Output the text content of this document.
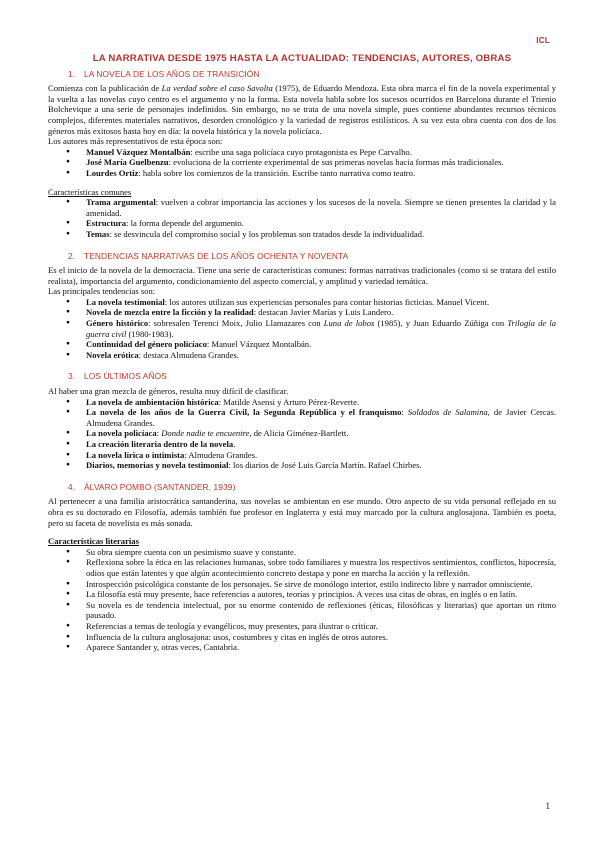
ICL
LA NARRATIVA DESDE 1975 HASTA LA ACTUALIDAD: TENDENCIAS, AUTORES, OBRAS
1. LA NOVELA DE LOS AÑOS DE TRANSICIÓN

Comienza con la publicación de La verdad sobre el caso Savolta (1975), de Eduardo Mendoza. Esta obra marca el fin de la novela experimental y la vuelta a las novelas cuyo centro es el argumento y no la forma. Esta novela habla sobre los sucesos ocurridos en Barcelona durante el Trienio Bolchevique a una serie de personajes indefinidos. Sin embargo, no se trata de una novela simple, pues contiene abundantes recursos técnicos complejos, diferentes materiales narrativos, desorden cronológico y la variedad de registros estilísticos. A su vez esta obra cuenta con dos de los géneros más exitosos hasta hoy en día: la novela histórica y la novela policíaca.

Los autores más representativos de esta época son:

● Manuel Vázquez Montalbán: escribe una saga policíaca cuyo protagonista es Pepe Carvalho.
● José María Guelbenzu: evoluciona de la corriente experimental de sus primeras novelas hacia formas más tradicionales.
● Lourdes Ortiz: habla sobre los comienzos de la transición. Escribe tanto narrativa como teatro.

Características comunes

● Trama argumental: vuelven a cobrar importancia las acciones y los sucesos de la novela. Siempre se tienen presentes la claridad y la amenidad.
● Estructura: la forma depende del argumento.
● Temas: se desvincula del compromiso social y los problemas son tratados desde la individualidad.
2. TENDENCIAS NARRATIVAS DE LOS AÑOS OCHENTA Y NOVENTA

Es el inicio de la novela de la democracia. Tiene una serie de características comunes: formas narrativas tradicionales (como si se tratara del estilo realista), importancia del argumento, condicionamiento del aspecto comercial, y amplitud y variedad temática.

Las principales tendencias son:

● La novela testimonial: los autores utilizan sus experiencias personales para contar historias ficticias. Manuel Vicent.
● Novela de mezcla entre la ficción y la realidad: destacan Javier Marías y Luis Landero.
● Género histórico: sobresalen Terenci Moix, Julio Llamazares con Luna de lobos (1985), y Juan Eduardo Zúñiga con Trilogía de la guerra civil (1980-1983).
● Continuidad del género policíaco: Manuel Vázquez Montalbán.
● Novela erótica: destaca Almudena Grandes.
3. LOS ÚLTIMOS AÑOS

Al haber una gran mezcla de géneros, resulta muy difícil de clasificar.

● La novela de ambientación histórica: Matilde Asensi y Arturo Pérez-Reverte.
● La novela de los años de la Guerra Civil, la Segunda República y el franquismo: Soldados de Salamina, de Javier Cercas. Almudena Grandes.
● La novela policíaca: Donde nadie te encuentre, de Alicia Giménez-Bartlett.
● La creación literaria dentro de la novela.
● La novela lírica o intimista: Almudena Grandes.
● Diarios, memorias y novela testimonial: los diarios de José Luis García Martín. Rafael Chirbes.
4. ÁLVARO POMBO (SANTANDER, 1939)

Al pertenecer a una familia aristocrática santanderina, sus novelas se ambientan en ese mundo. Otro aspecto de su vida personal reflejado en su obra es su doctorado en Filosofía, además también fue profesor en Inglaterra y está muy marcado por la cultura anglosajona. También es poeta, pero su faceta de novelista es más sonada.

Características literarias

● Su obra siempre cuenta con un pesimismo suave y constante.
● Reflexiona sobre la ética en las relaciones humanas, sobre todo familiares y muestra los respectivos sentimientos, conflictos, hipocresía, odios que están latentes y que algún acontecimiento concreto destapa y pone en marcha la acción y la reflexión.
● Introspección psicológica constante de los personajes. Se sirve de monólogo interior, estilo indirecto libre y narrador omnisciente.
● La filosofía está muy presente, hace referencias a autores, teorías y principios. A veces usa citas de obras, en inglés o en latín.
● Su novela es de tendencia intelectual, por su enorme contenido de reflexiones (éticas, filosóficas y literarias) que aportan un ritmo pausado.
● Referencias a temas de teología y evangélicos, muy presentes, para ilustrar o criticar.
● Influencia de la cultura anglosajona: usos, costumbres y citas en inglés de otros autores.
● Aparece Santander y, otras veces, Cantabria.
1
